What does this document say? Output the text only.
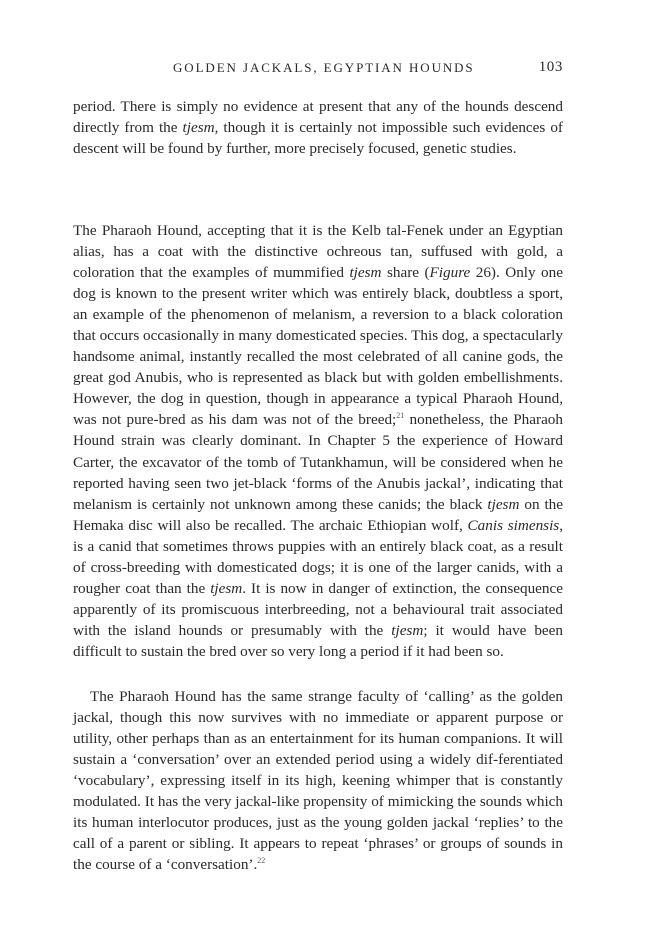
GOLDEN JACKALS, EGYPTIAN HOUNDS	103

period. There is simply no evidence at present that any of the hounds descend directly from the tjesm, though it is certainly not impossible such evidences of descent will be found by further, more precisely focused, genetic studies.

The Pharaoh Hound, accepting that it is the Kelb tal-Fenek under an Egyptian alias, has a coat with the distinctive ochreous tan, suffused with gold, a coloration that the examples of mummified tjesm share (Figure 26). Only one dog is known to the present writer which was entirely black, doubtless a sport, an example of the phenomenon of melanism, a reversion to a black coloration that occurs occasionally in many domesticated species. This dog, a spectacularly handsome animal, instantly recalled the most celebrated of all canine gods, the great god Anubis, who is represented as black but with golden embellishments. However, the dog in question, though in appearance a typical Pharaoh Hound, was not pure-bred as his dam was not of the breed;$^{21}$ nonetheless, the Pharaoh Hound strain was clearly dominant. In Chapter 5 the experience of Howard Carter, the excavator of the tomb of Tutankhamun, will be considered when he reported having seen two jet-black ‘forms of the Anubis jackal’, indicating that melanism is certainly not unknown among these canids; the black tjesm on the Hemaka disc will also be recalled. The archaic Ethiopian wolf, Canis simensis, is a canid that sometimes throws puppies with an entirely black coat, as a result of cross-breeding with domesticated dogs; it is one of the larger canids, with a rougher coat than the tjesm. It is now in danger of extinction, the consequence apparently of its promiscuous interbreeding, not a behavioural trait associated with the island hounds or presumably with the tjesm; it would have been difficult to sustain the bred over so very long a period if it had been so.

The Pharaoh Hound has the same strange faculty of ‘calling’ as the golden jackal, though this now survives with no immediate or apparent purpose or utility, other perhaps than as an entertainment for its human companions. It will sustain a ‘conversation’ over an extended period using a widely dif-ferentiated ‘vocabulary’, expressing itself in its high, keening whimper that is constantly modulated. It has the very jackal-like propensity of mimicking the sounds which its human interlocutor produces, just as the young golden jackal ‘replies’ to the call of a parent or sibling. It appears to repeat ‘phrases’ or groups of sounds in the course of a ‘conversation’.$^{22}$
